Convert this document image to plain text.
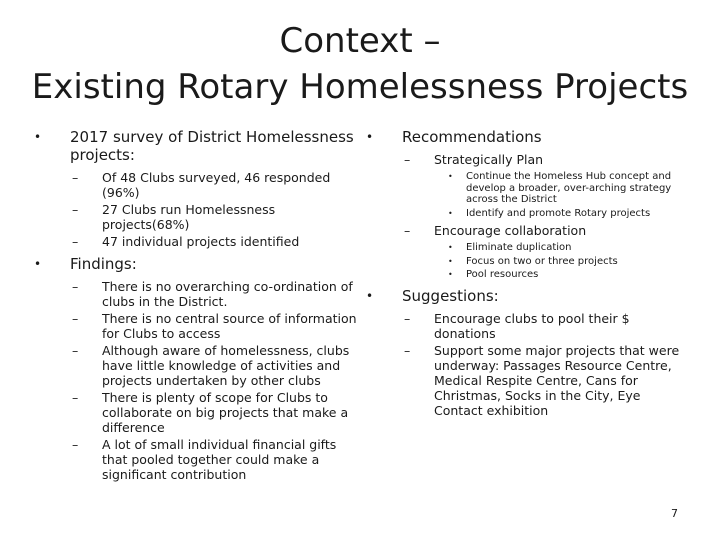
Context –
Existing Rotary Homelessness Projects
• 2017 survey of District Homelessness projects:
– Of 48 Clubs surveyed, 46 responded (96%)
– 27 Clubs run Homelessness projects(68%)
– 47 individual projects identified
• Findings:
– There is no overarching co-ordination of clubs in the District.
– There is no central source of information for Clubs to access
– Although aware of homelessness, clubs have little knowledge of activities and projects undertaken by other clubs
– There is plenty of scope for Clubs to collaborate on big projects that make a difference
– A lot of small individual financial gifts that pooled together could make a significant contribution
• Recommendations
– Strategically Plan
• Continue the Homeless Hub concept and develop a broader, over-arching strategy across the District
• Identify and promote Rotary projects
– Encourage collaboration
• Eliminate duplication
• Focus on two or three projects
• Pool resources
• Suggestions:
– Encourage clubs to pool their $ donations
– Support some major projects that were underway: Passages Resource Centre, Medical Respite Centre, Cans for Christmas, Socks in the City, Eye Contact exhibition
7
